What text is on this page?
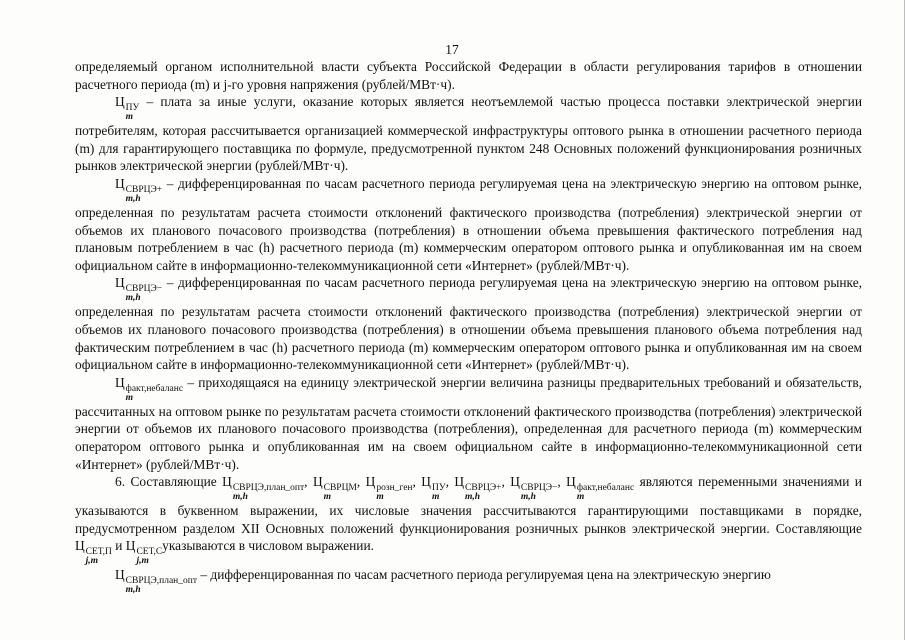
17

определяемый органом исполнительной власти субъекта Российской Федерации в области регулирования тарифов в отношении расчетного периода (m) и j-го уровня напряжения (рублей/МВт·ч).

Ц ПУ
m
– плата за иные услуги, оказание которых является неотъемлемой частью процесса поставки электрической энергии потребителям, которая рассчитывается организацией коммерческой инфраструктуры оптового рынка в отношении расчетного периода (m) для гарантирующего поставщика по формуле, предусмотренной пунктом 248 Основных положений функционирования розничных рынков электрической энергии (рублей/МВт·ч).

Ц СВРЦЭ+
m,h
– дифференцированная по часам расчетного периода регулируемая цена на электрическую энергию на оптовом рынке, определенная по результатам расчета стоимости отклонений фактического производства (потребления) электрической энергии от объемов их планового почасового производства (потребления) в отношении объема превышения фактического потребления над плановым потреблением в час (h) расчетного периода (m) коммерческим оператором оптового рынка и опубликованная им на своем официальном сайте в информационно-телекоммуникационной сети «Интернет» (рублей/МВт·ч).

Ц СВРЦЭ−
m,h
– дифференцированная по часам расчетного периода регулируемая цена на электрическую энергию на оптовом рынке, определенная по результатам расчета стоимости отклонений фактического производства (потребления) электрической энергии от объемов их планового почасового производства (потребления) в отношении объема превышения планового объема потребления над фактическим потреблением в час (h) расчетного периода (m) коммерческим оператором оптового рынка и опубликованная им на своем официальном сайте в информационно-телекоммуникационной сети «Интернет» (рублей/МВт·ч).

Ц факт,небаланс
m
– приходящаяся на единицу электрической энергии величина разницы предварительных требований и обязательств, рассчитанных на оптовом рынке по результатам расчета стоимости отклонений фактического производства (потребления) электрической энергии от объемов их планового почасового производства (потребления), определенная для расчетного периода (m) коммерческим оператором оптового рынка и опубликованная им на своем официальном сайте в информационно-телекоммуникационной сети «Интернет» (рублей/МВт·ч).

6. Составляющие Ц СВРЦЭ,план_опт
m,h
, Ц СВРЦМ
m
, Ц розн_ген
m
, Ц ПУ
m
, Ц СВРЦЭ+
m,h
, Ц СВРЦЭ−
m,h
, Ц факт,небаланс
m
являются переменными значениями и указываются в буквенном выражении, их числовые значения рассчитываются гарантирующими поставщиками в порядке, предусмотренном разделом XII Основных положений функционирования розничных рынков электрической энергии. Составляющие Ц СЕТ,П
j,m
и Ц СЕТ,С
j,m
указываются в числовом выражении.

Ц СВРЦЭ,план_опт
m,h
– дифференцированная по часам расчетного периода регулируемая цена на электрическую энергию
